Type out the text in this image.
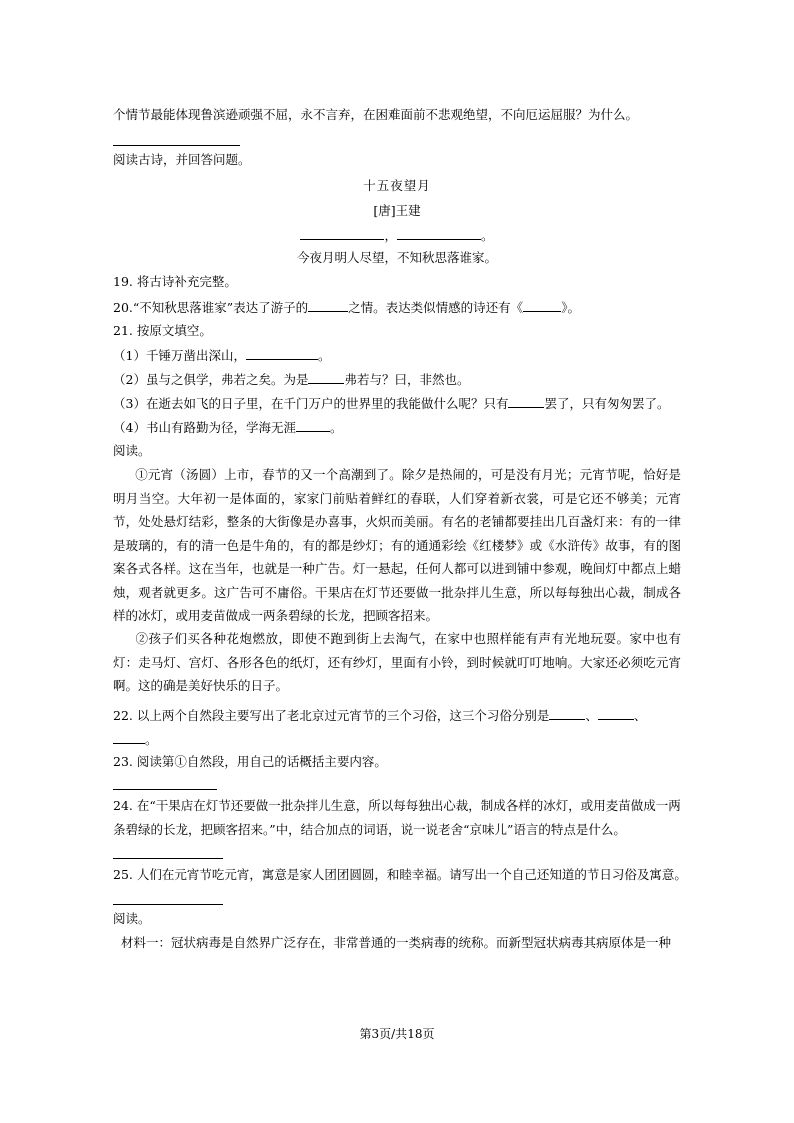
个情节最能体现鲁滨逊顽强不屈，永不言弃，在困难面前不悲观绝望，不向厄运屈服？为什么。
阅读古诗，并回答问题。
十五夜望月
[唐]王建
，	。
今夜月明人尽望，不知秋思落谁家。
19. 将古诗补充完整。
20.“不知秋思落谁家”表达了游子的	之情。表达类似情感的诗还有《	》。
21. 按原文填空。
（1）千锤万凿出深山，	。
（2）虽与之俱学，弗若之矣。为是	弗若与？曰，非然也。
（3）在逝去如飞的日子里，在千门万户的世界里的我能做什么呢？只有	罢了，只有匆匆罢了。
（4）书山有路勤为径，学海无涯	。
阅读。
①元宵（汤圆）上市，春节的又一个高潮到了。除夕是热闹的，可是没有月光；元宵节呢，恰好是明月当空。大年初一是体面的，家家门前贴着鲜红的春联，人们穿着新衣裳，可是它还不够美；元宵节，处处悬灯结彩，整条的大街像是办喜事，火炽而美丽。有名的老铺都要挂出几百盏灯来：有的一律是玻璃的，有的清一色是牛角的，有的都是纱灯；有的通通彩绘《红楼梦》或《水浒传》故事，有的图案各式各样。这在当年，也就是一种广告。灯一悬起，任何人都可以进到铺中参观，晚间灯中都点上蜡烛，观者就更多。这广告可不庸俗。干果店在灯节还要做一批杂拌儿生意，所以每每独出心裁，制成各样的冰灯，或用麦苗做成一两条碧绿的长龙，把顾客招来。
②孩子们买各种花炮燃放，即使不跑到街上去淘气，在家中也照样能有声有光地玩耍。家中也有灯：走马灯、宫灯、各形各色的纸灯，还有纱灯，里面有小铃，到时候就叮叮地响。大家还必须吃元宵啊。这的确是美好快乐的日子。
22. 以上两个自然段主要写出了老北京过元宵节的三个习俗，这三个习俗分别是	、	、
。
23. 阅读第①自然段，用自己的话概括主要内容。
24. 在“干果店在灯节还要做一批杂拌儿生意，所以每每独出心裁，制成各样的冰灯，或用麦苗做成一两
条碧绿的长龙，把顾客招来。”中，结合加点的词语，说一说老舍“京味儿”语言的特点是什么。
25. 人们在元宵节吃元宵，寓意是家人团团圆圆，和睦幸福。请写出一个自己还知道的节日习俗及寓意。
阅读。
材料一：冠状病毒是自然界广泛存在，非常普通的一类病毒的统称。而新型冠状病毒其病原体是一种
第3页/共18页
